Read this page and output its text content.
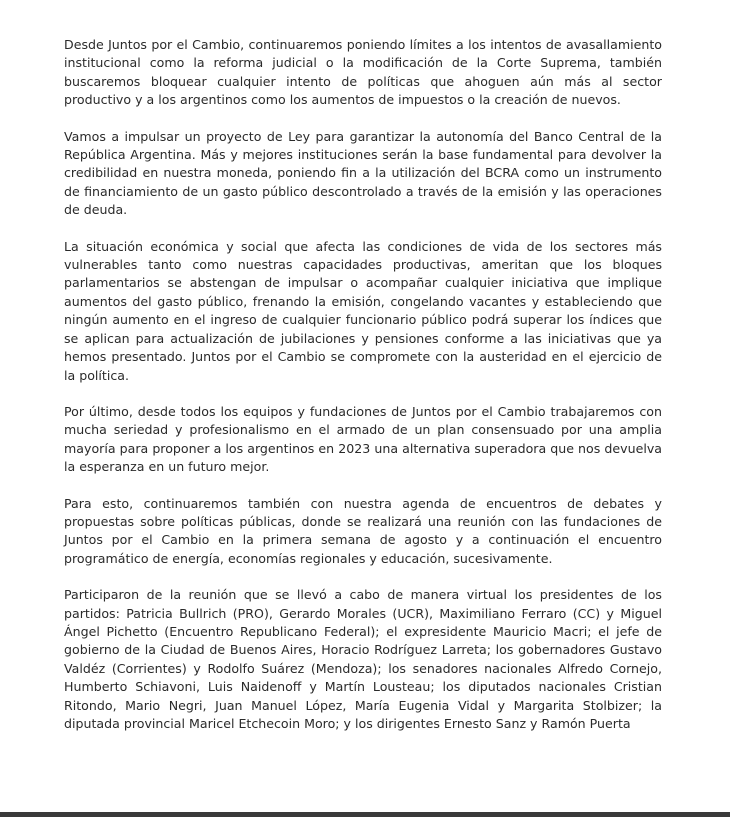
Desde Juntos por el Cambio, continuaremos poniendo límites a los intentos de avasallamiento institucional como la reforma judicial o la modificación de la Corte Suprema, también buscaremos bloquear cualquier intento de políticas que ahoguen aún más al sector productivo y a los argentinos como los aumentos de impuestos o la creación de nuevos.

Vamos a impulsar un proyecto de Ley para garantizar la autonomía del Banco Central de la República Argentina. Más y mejores instituciones serán la base fundamental para devolver la credibilidad en nuestra moneda, poniendo fin a la utilización del BCRA como un instrumento de financiamiento de un gasto público descontrolado a través de la emisión y las operaciones de deuda.

La situación económica y social que afecta las condiciones de vida de los sectores más vulnerables tanto como nuestras capacidades productivas, ameritan que los bloques parlamentarios se abstengan de impulsar o acompañar cualquier iniciativa que implique aumentos del gasto público, frenando la emisión, congelando vacantes y estableciendo que ningún aumento en el ingreso de cualquier funcionario público podrá superar los índices que se aplican para actualización de jubilaciones y pensiones conforme a las iniciativas que ya hemos presentado. Juntos por el Cambio se compromete con la austeridad en el ejercicio de la política.

Por último, desde todos los equipos y fundaciones de Juntos por el Cambio trabajaremos con mucha seriedad y profesionalismo en el armado de un plan consensuado por una amplia mayoría para proponer a los argentinos en 2023 una alternativa superadora que nos devuelva la esperanza en un futuro mejor.

Para esto, continuaremos también con nuestra agenda de encuentros de debates y propuestas sobre políticas públicas, donde se realizará una reunión con las fundaciones de Juntos por el Cambio en la primera semana de agosto y a continuación el encuentro programático de energía, economías regionales y educación, sucesivamente.

Participaron de la reunión que se llevó a cabo de manera virtual los presidentes de los partidos: Patricia Bullrich (PRO), Gerardo Morales (UCR), Maximiliano Ferraro (CC) y Miguel Ángel Pichetto (Encuentro Republicano Federal); el expresidente Mauricio Macri; el jefe de gobierno de la Ciudad de Buenos Aires, Horacio Rodríguez Larreta; los gobernadores Gustavo Valdéz (Corrientes) y Rodolfo Suárez (Mendoza); los senadores nacionales Alfredo Cornejo, Humberto Schiavoni, Luis Naidenoff y Martín Lousteau; los diputados nacionales Cristian Ritondo, Mario Negri, Juan Manuel López, María Eugenia Vidal y Margarita Stolbizer; la diputada provincial Maricel Etchecoin Moro; y los dirigentes Ernesto Sanz y Ramón Puerta
